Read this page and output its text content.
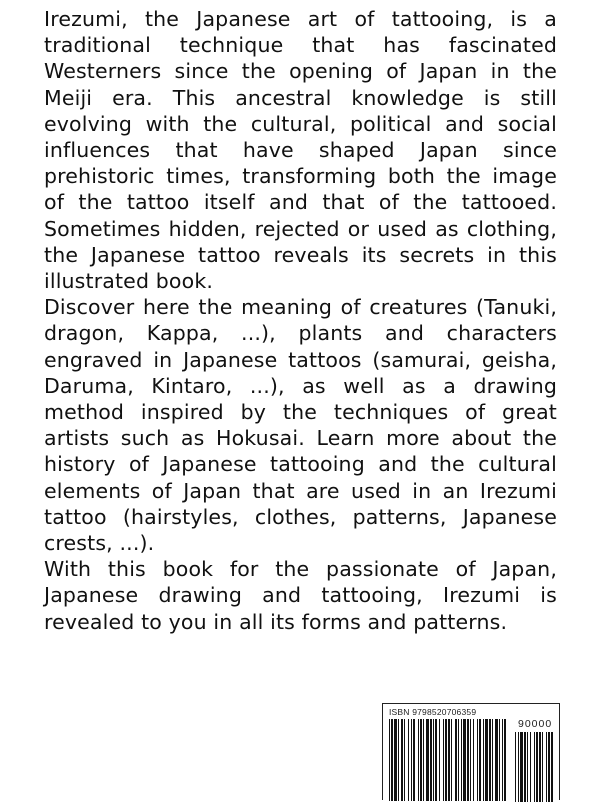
Irezumi, the Japanese art of tattooing, is a traditional technique that has fascinated Westerners since the opening of Japan in the Meiji era. This ancestral knowledge is still evolving with the cultural, political and social influences that have shaped Japan since prehistoric times, transforming both the image of the tattoo itself and that of the tattooed. Sometimes hidden, rejected or used as clothing, the Japanese tattoo reveals its secrets in this illustrated book.

Discover here the meaning of creatures (Tanuki, dragon, Kappa, ...), plants and characters engraved in Japanese tattoos (samurai, geisha, Daruma, Kintaro, ...), as well as a drawing method inspired by the techniques of great artists such as Hokusai. Learn more about the history of Japanese tattooing and the cultural elements of Japan that are used in an Irezumi tattoo (hairstyles, clothes, patterns, Japanese crests, ...).

With this book for the passionate of Japan, Japanese drawing and tattooing, Irezumi is revealed to you in all its forms and patterns.

ISBN 9798520706359
90000
